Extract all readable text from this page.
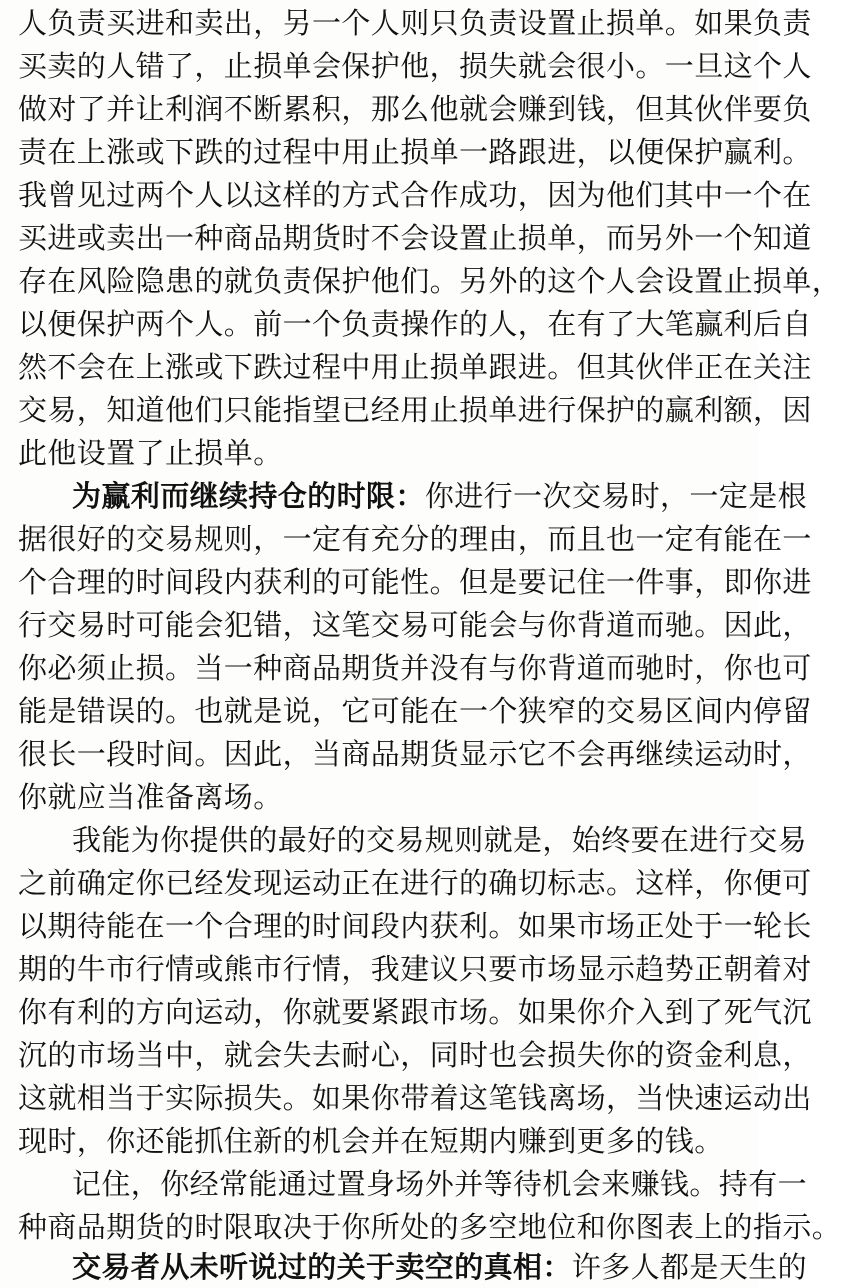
人负责买进和卖出，另一个人则只负责设置止损单。如果负责
买卖的人错了，止损单会保护他，损失就会很小。一旦这个人
做对了并让利润不断累积，那么他就会赚到钱，但其伙伴要负
责在上涨或下跌的过程中用止损单一路跟进，以便保护赢利。
我曾见过两个人以这样的方式合作成功，因为他们其中一个在
买进或卖出一种商品期货时不会设置止损单，而另外一个知道
存在风险隐患的就负责保护他们。另外的这个人会设置止损单，
以便保护两个人。前一个负责操作的人，在有了大笔赢利后自
然不会在上涨或下跌过程中用止损单跟进。但其伙伴正在关注
交易，知道他们只能指望已经用止损单进行保护的赢利额，因
此他设置了止损单。
为赢利而继续持仓的时限：你进行一次交易时，一定是根
据很好的交易规则，一定有充分的理由，而且也一定有能在一
个合理的时间段内获利的可能性。但是要记住一件事，即你进
行交易时可能会犯错，这笔交易可能会与你背道而驰。因此，
你必须止损。当一种商品期货并没有与你背道而驰时，你也可
能是错误的。也就是说，它可能在一个狭窄的交易区间内停留
很长一段时间。因此，当商品期货显示它不会再继续运动时，
你就应当准备离场。
我能为你提供的最好的交易规则就是，始终要在进行交易
之前确定你已经发现运动正在进行的确切标志。这样，你便可
以期待能在一个合理的时间段内获利。如果市场正处于一轮长
期的牛市行情或熊市行情，我建议只要市场显示趋势正朝着对
你有利的方向运动，你就要紧跟市场。如果你介入到了死气沉
沉的市场当中，就会失去耐心，同时也会损失你的资金利息，
这就相当于实际损失。如果你带着这笔钱离场，当快速运动出
现时，你还能抓住新的机会并在短期内赚到更多的钱。
记住，你经常能通过置身场外并等待机会来赚钱。持有一
种商品期货的时限取决于你所处的多空地位和你图表上的指示。
交易者从未听说过的关于卖空的真相：许多人都是天生的
